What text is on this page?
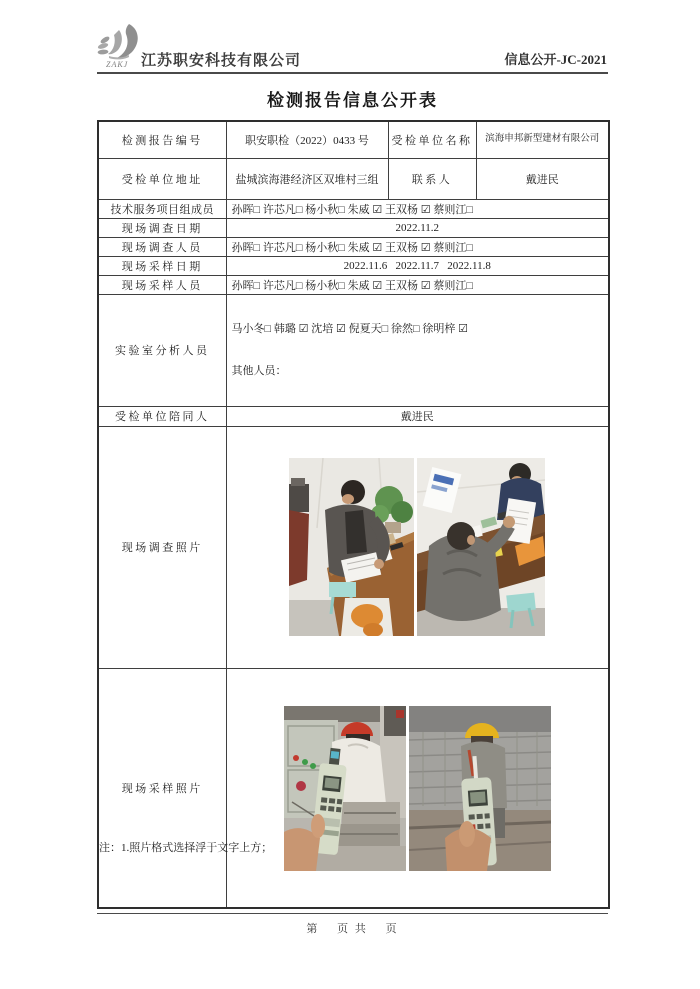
ZAKJ 江苏职安科技有限公司	信息公开-JC-2021
检测报告信息公开表
检测报告编号	职安职检（2022）0433 号	受检单位名称	滨海申邦新型建材有限公司
受检单位地址	盐城滨海港经济区双堆村三组	联系人	戴进民
技术服务项目组成员	孙晖□ 许芯凡□ 杨小秋□ 朱威 ☑ 王双杨 ☑ 蔡则江□		
现场调查日期	2022.11.2		
现场调查人员	孙晖□ 许芯凡□ 杨小秋□ 朱威 ☑ 王双杨 ☑ 蔡则江□		
现场采样日期	2022.11.6   2022.11.7   2022.11.8		
现场采样人员	孙晖□ 许芯凡□ 杨小秋□ 朱威 ☑ 王双杨 ☑ 蔡则江□		
实验室分析人员	马小冬□ 韩璐 ☑ 沈培 ☑ 倪夏天□ 徐然□ 徐明梓 ☑

其他人员：		

受检单位陪同人	戴进民		
现场调查照片	

现场采样照片	
注：1.照片格式选择浮于文字上方；
第　 页 共　 页
